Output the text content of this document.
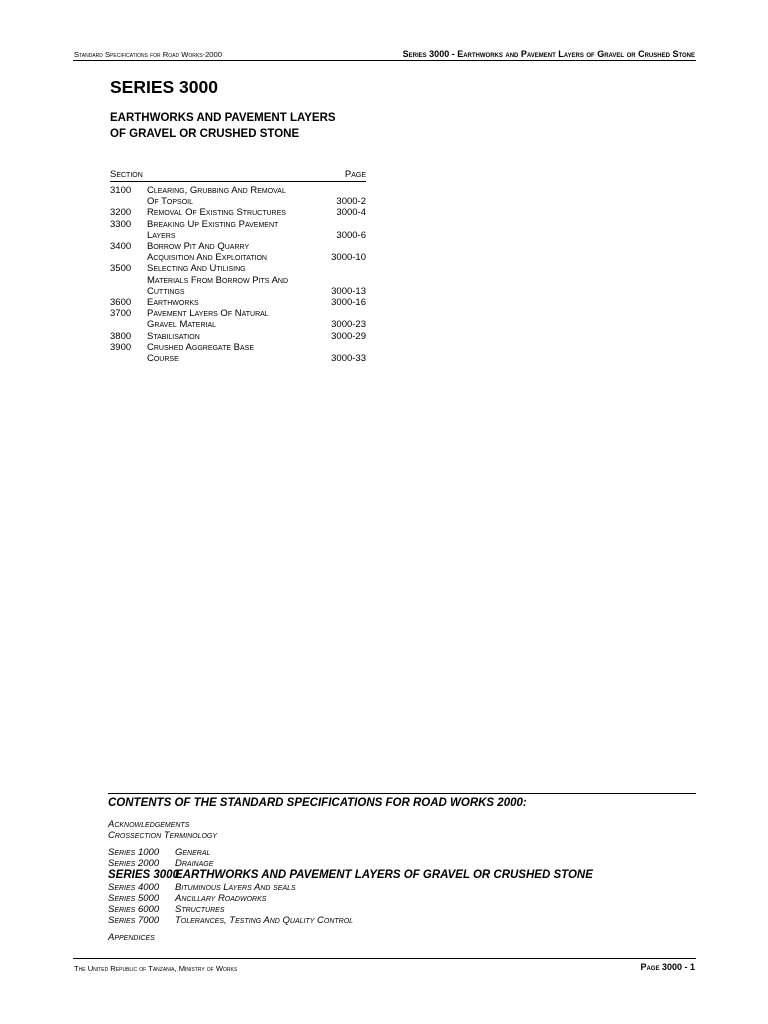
Standard Specifications for Road Works-2000	Series 3000 - Earthworks and Pavement Layers of Gravel or Crushed Stone
SERIES 3000
EARTHWORKS AND PAVEMENT LAYERS OF GRAVEL OR CRUSHED STONE
Section	Page
3100	Clearing, Grubbing And Removal
Of Topsoil	3000-2
3200	Removal Of Existing Structures	3000-4
3300	Breaking Up Existing Pavement
Layers	3000-6
3400	Borrow Pit And Quarry
Acquisition And Exploitation	3000-10
3500	Selecting And Utilising
Materials From Borrow Pits And
Cuttings	3000-13
3600	Earthworks	3000-16
3700	Pavement Layers Of Natural
Gravel Material	3000-23
3800	Stabilisation	3000-29
3900	Crushed Aggregate Base
Course	3000-33
CONTENTS OF THE STANDARD SPECIFICATIONS FOR ROAD WORKS 2000:
Acknowledgements
Crossection Terminology
Series 1000	General
Series 2000	Drainage
SERIES 3000
EARTHWORKS AND PAVEMENT LAYERS OF GRAVEL OR CRUSHED STONE
Series 4000	Bituminous Layers And seals
Series 5000	Ancillary Roadworks
Series 6000	Structures
Series 7000	Tolerances, Testing And Quality Control
Appendices
The United Republic of Tanzania, Ministry of Works	Page 3000 - 1
